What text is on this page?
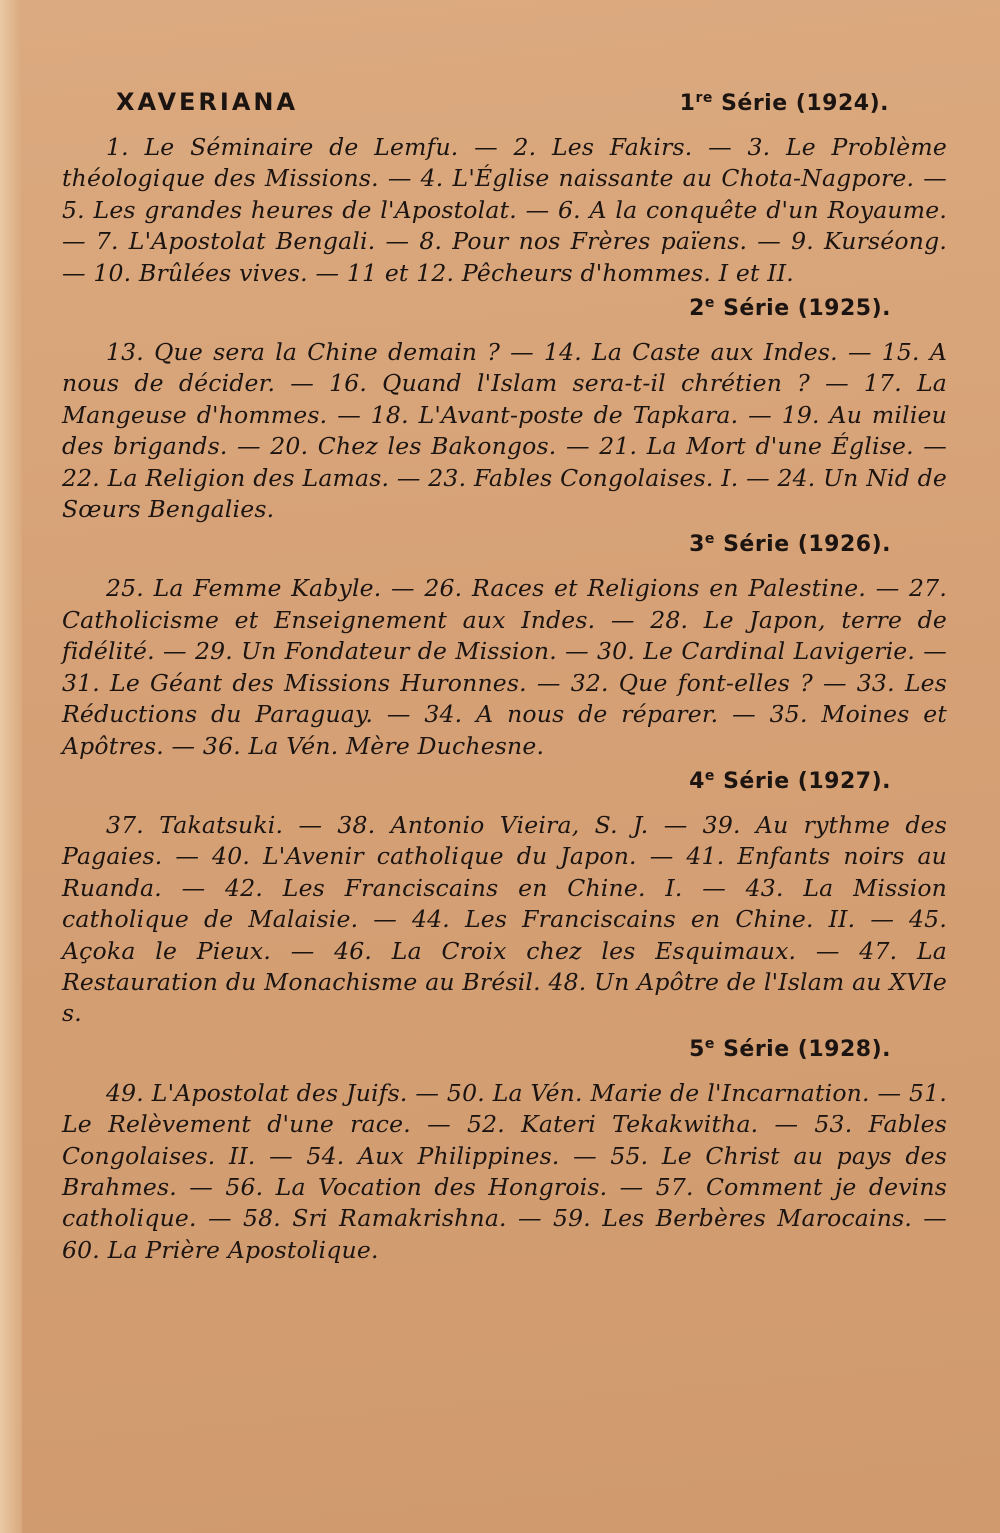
XAVERIANA	1re Série (1924).

1. Le Séminaire de Lemfu. — 2. Les Fakirs. — 3. Le Problème théologique des Missions. — 4. L'Église naissante au Chota-Nagpore. — 5. Les grandes heures de l'Apostolat. — 6. A la conquête d'un Royaume. — 7. L'Apostolat Bengali. — 8. Pour nos Frères païens. — 9. Kurséong. — 10. Brûlées vives. — 11 et 12. Pêcheurs d'hommes. I et II.

2e Série (1925).

13. Que sera la Chine demain ? — 14. La Caste aux Indes. — 15. A nous de décider. — 16. Quand l'Islam sera-t-il chrétien ? — 17. La Mangeuse d'hommes. — 18. L'Avant-poste de Tapkara. — 19. Au milieu des brigands. — 20. Chez les Bakongos. — 21. La Mort d'une Église. — 22. La Religion des Lamas. — 23. Fables Congolaises. I. — 24. Un Nid de Sœurs Bengalies.

3e Série (1926).

25. La Femme Kabyle. — 26. Races et Religions en Palestine. — 27. Catholicisme et Enseignement aux Indes. — 28. Le Japon, terre de fidélité. — 29. Un Fondateur de Mission. — 30. Le Cardinal Lavigerie. — 31. Le Géant des Missions Huronnes. — 32. Que font-elles ? — 33. Les Réductions du Paraguay. — 34. A nous de réparer. — 35. Moines et Apôtres. — 36. La Vén. Mère Duchesne.

4e Série (1927).

37. Takatsuki. — 38. Antonio Vieira, S. J. — 39. Au rythme des Pagaies. — 40. L'Avenir catholique du Japon. — 41. Enfants noirs au Ruanda. — 42. Les Franciscains en Chine. I. — 43. La Mission catholique de Malaisie. — 44. Les Franciscains en Chine. II. — 45. Açoka le Pieux. — 46. La Croix chez les Esquimaux. — 47. La Restauration du Monachisme au Brésil. 48. Un Apôtre de l'Islam au XVIe s.

5e Série (1928).

49. L'Apostolat des Juifs. — 50. La Vén. Marie de l'Incarnation. — 51. Le Relèvement d'une race. — 52. Kateri Tekakwitha. — 53. Fables Congolaises. II. — 54. Aux Philippines. — 55. Le Christ au pays des Brahmes. — 56. La Vocation des Hongrois. — 57. Comment je devins catholique. — 58. Sri Ramakrishna. — 59. Les Berbères Marocains. — 60. La Prière Apostolique.
